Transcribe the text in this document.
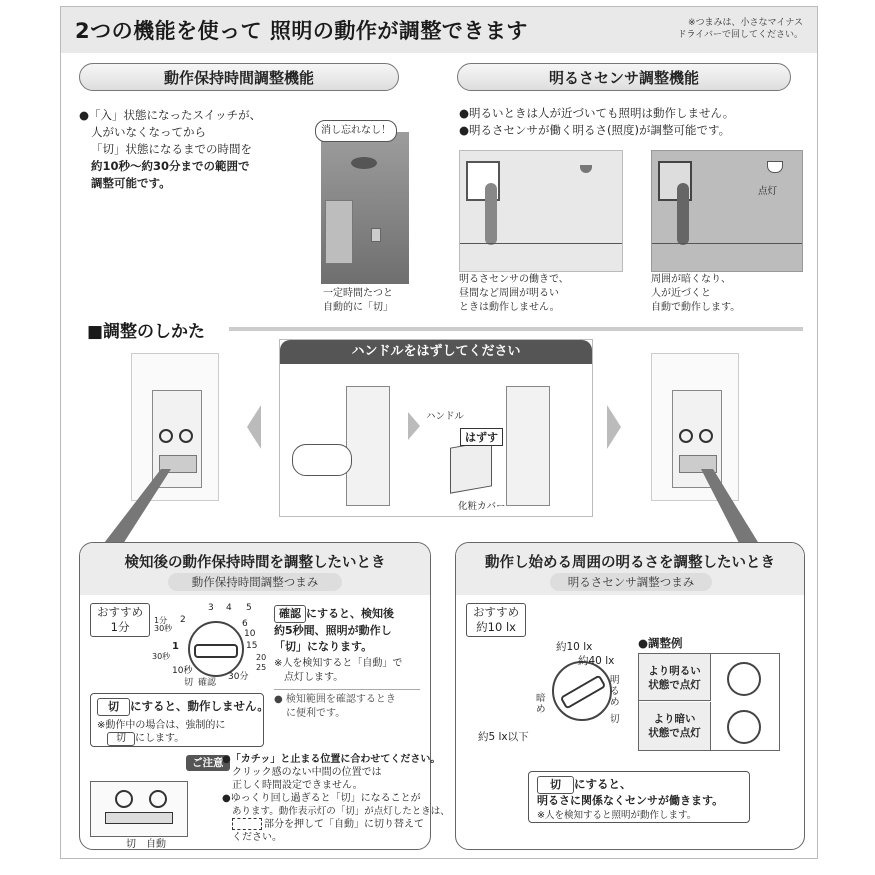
2つの機能を使って 照明の動作が調整できます	※つまみは、小さなマイナス
ドライバーで回してください。
動作保持時間調整機能
●「入」状態になったスイッチが、
人がいなくなってから
「切」状態になるまでの時間を
約10秒～約30分までの範囲で
調整可能です。
消し忘れなし！
一定時間たつと
自動的に「切」
明るさセンサ調整機能
●明るいときは人が近づいても照明は動作しません。
●明るさセンサが働く明るさ(照度)が調整可能です。
点灯
明るさセンサの働きで、
昼間など周囲が明るい
ときは動作しません。
周囲が暗くなり、
人が近づくと
自動で動作します。
■調整のしかた
ハンドルをはずしてください
ハンドル
はずす
化粧カバー
検知後の動作保持時間を調整したいとき
動作保持時間調整つまみ
おすすめ
1分	1分
30秒
2
3 4 5
6
10
15
20
25
30分
10秒
切 確認
1
30秒
確認 にすると、検知後
約5秒間、照明が動作し
「切」になります。
※人を検知すると「自動」で
点灯します。
● 検知範囲を確認するとき
に便利です。
切 にすると、動作しません。
※動作中の場合は、強制的に
切 にします。
ご注意
●「カチッ」と止まる位置に合わせてください。
クリック感のない中間の位置では
正しく時間設定できません。
●ゆっくり回し過ぎると「切」になることが
あります。動作表示灯の「切」が点灯したときは、
部分を押して「自動」に切り替えて
ください。
切　 自動
動作し始める周囲の明るさを調整したいとき
明るさセンサ調整つまみ
おすすめ
約10 lx
約10 lx
約40 lx
約5 lx以下
暗め
明るめ
切
●調整例
より明るい
状態で点灯
より暗い
状態で点灯
切 にすると、
明るさに関係なくセンサが働きます。
※人を検知すると照明が動作します。
